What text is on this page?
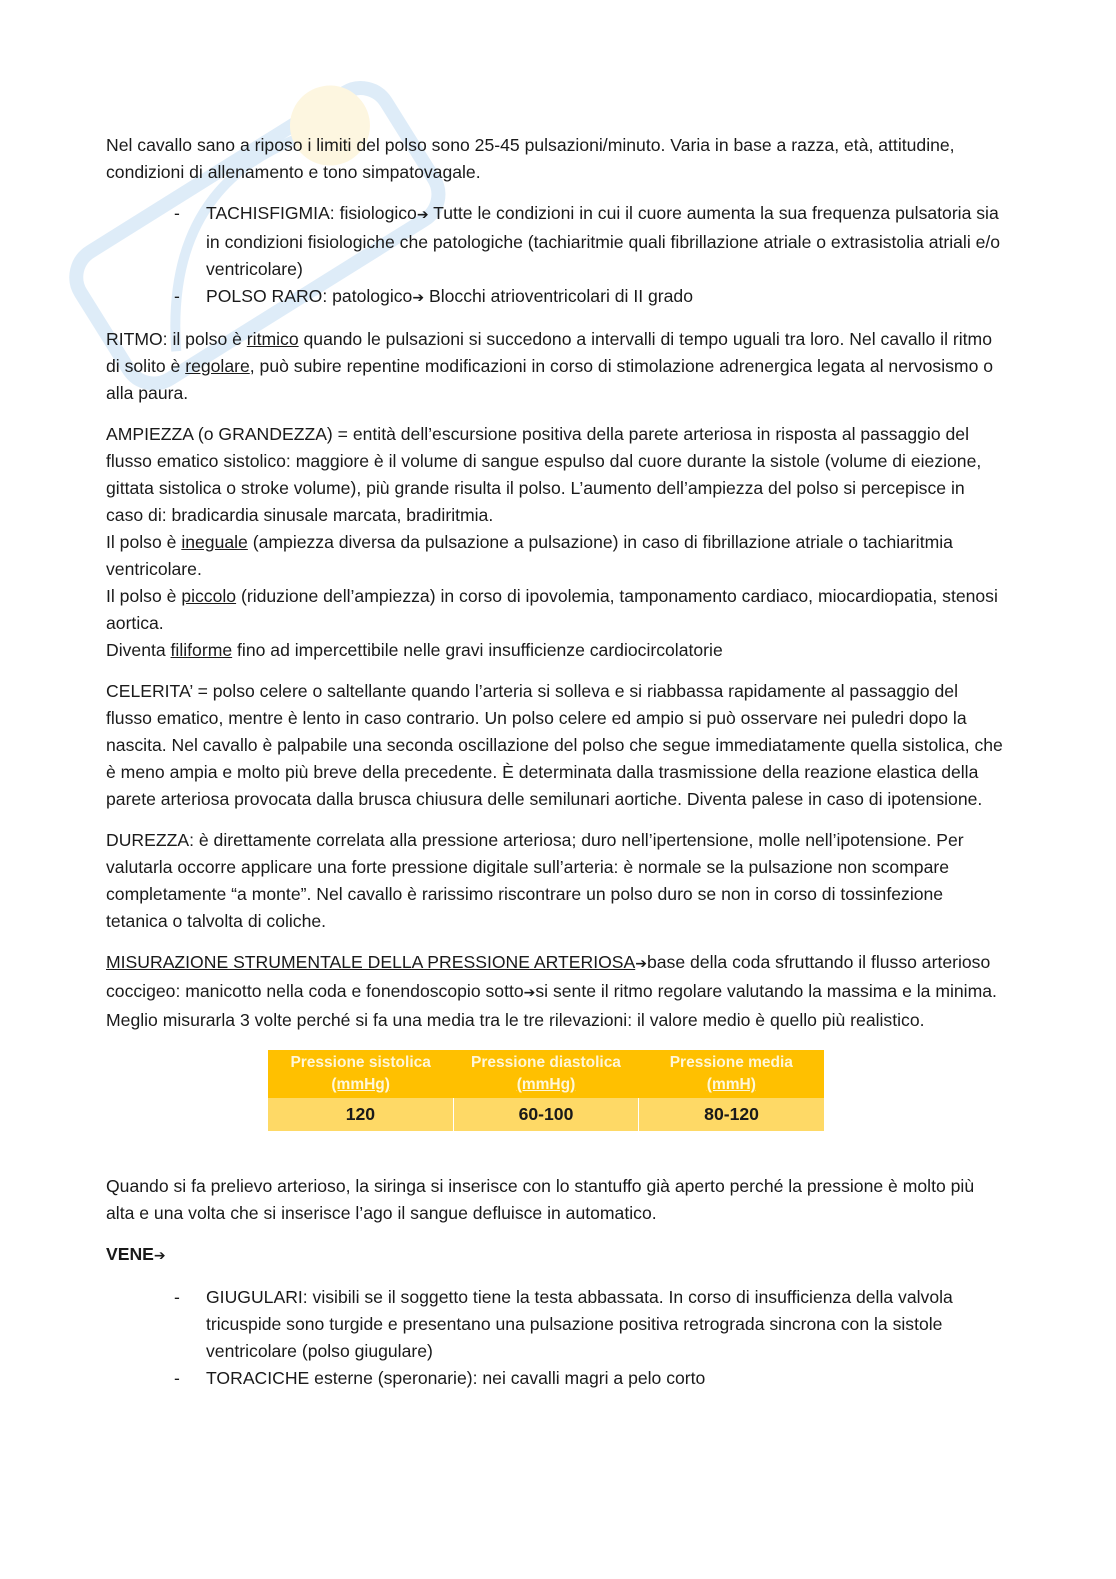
Nel cavallo sano a riposo i limiti del polso sono 25-45 pulsazioni/minuto. Varia in base a razza, età, attitudine, condizioni di allenamento e tono simpatovagale.

- TACHISFIGMIA: fisiologico➔ Tutte le condizioni in cui il cuore aumenta la sua frequenza pulsatoria sia in condizioni fisiologiche che patologiche (tachiaritmie quali fibrillazione atriale o extrasistolia atriali e/o ventricolare)
- POLSO RARO: patologico➔ Blocchi atrioventricolari di II grado

RITMO: il polso è ritmico quando le pulsazioni si succedono a intervalli di tempo uguali tra loro. Nel cavallo il ritmo di solito è regolare, può subire repentine modificazioni in corso di stimolazione adrenergica legata al nervosismo o alla paura.

AMPIEZZA (o GRANDEZZA) = entità dell’escursione positiva della parete arteriosa in risposta al passaggio del flusso ematico sistolico: maggiore è il volume di sangue espulso dal cuore durante la sistole (volume di eiezione, gittata sistolica o stroke volume), più grande risulta il polso. L’aumento dell’ampiezza del polso si percepisce in caso di: bradicardia sinusale marcata, bradiritmia.

Il polso è ineguale (ampiezza diversa da pulsazione a pulsazione) in caso di fibrillazione atriale o tachiaritmia ventricolare.

Il polso è piccolo (riduzione dell’ampiezza) in corso di ipovolemia, tamponamento cardiaco, miocardiopatia, stenosi aortica.

Diventa filiforme fino ad impercettibile nelle gravi insufficienze cardiocircolatorie

CELERITA’ = polso celere o saltellante quando l’arteria si solleva e si riabbassa rapidamente al passaggio del flusso ematico, mentre è lento in caso contrario. Un polso celere ed ampio si può osservare nei puledri dopo la nascita. Nel cavallo è palpabile una seconda oscillazione del polso che segue immediatamente quella sistolica, che è meno ampia e molto più breve della precedente. È determinata dalla trasmissione della reazione elastica della parete arteriosa provocata dalla brusca chiusura delle semilunari aortiche. Diventa palese in caso di ipotensione.

DUREZZA: è direttamente correlata alla pressione arteriosa; duro nell’ipertensione, molle nell’ipotensione. Per valutarla occorre applicare una forte pressione digitale sull’arteria: è normale se la pulsazione non scompare completamente “a monte”. Nel cavallo è rarissimo riscontrare un polso duro se non in corso di tossinfezione tetanica o talvolta di coliche.

MISURAZIONE STRUMENTALE DELLA PRESSIONE ARTERIOSA➔base della coda sfruttando il flusso arterioso coccigeo: manicotto nella coda e fonendoscopio sotto➔si sente il ritmo regolare valutando la massima e la minima. Meglio misurarla 3 volte perché si fa una media tra le tre rilevazioni: il valore medio è quello più realistico.

Pressione sistolica
(mmHg)	Pressione diastolica
(mmHg)	Pressione media
(mmH)
120	60-100	80-120

Quando si fa prelievo arterioso, la siringa si inserisce con lo stantuffo già aperto perché la pressione è molto più alta e una volta che si inserisce l’ago il sangue defluisce in automatico.

VENE➔

- GIUGULARI: visibili se il soggetto tiene la testa abbassata. In corso di insufficienza della valvola tricuspide sono turgide e presentano una pulsazione positiva retrograda sincrona con la sistole ventricolare (polso giugulare)
- TORACICHE esterne (speronarie): nei cavalli magri a pelo corto
